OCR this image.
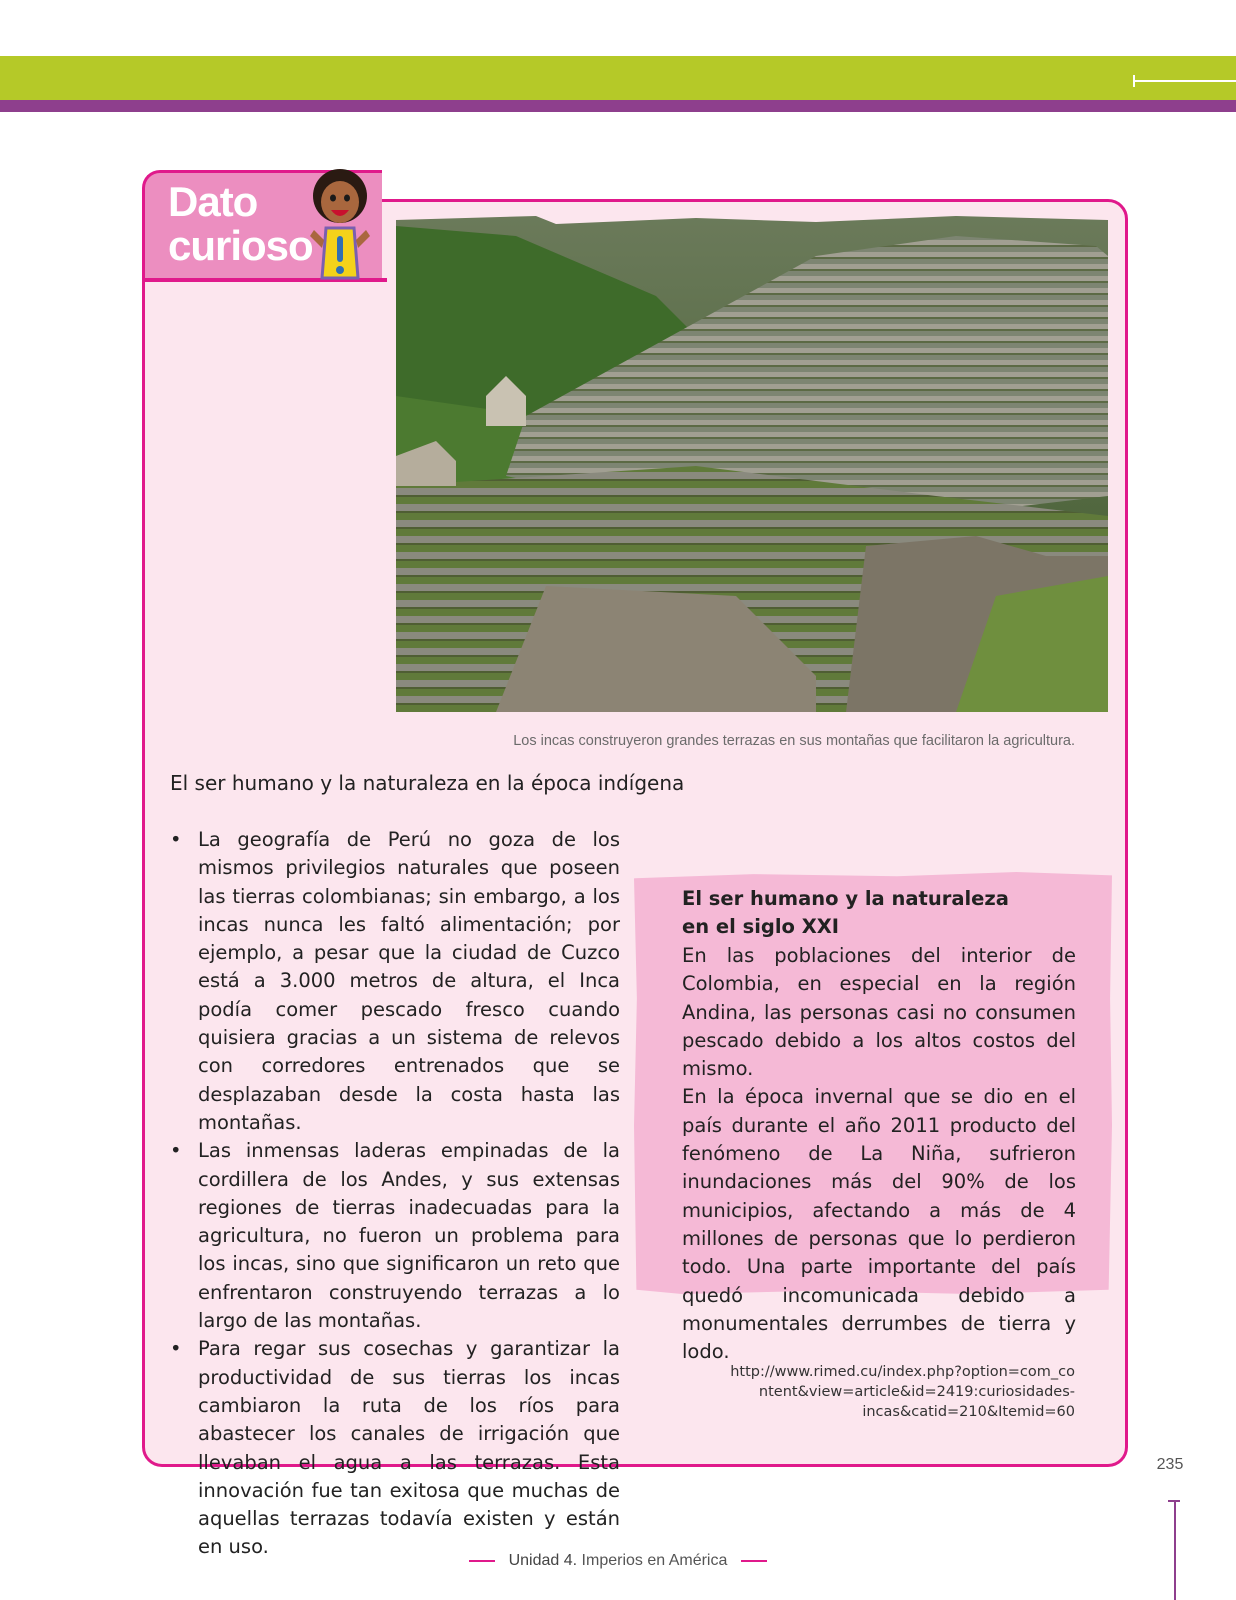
Dato
curioso
Los incas construyeron grandes terrazas en sus montañas que facilitaron la agricultura.
El ser humano y la naturaleza en la época indígena
• La geografía de Perú no goza de los mismos privilegios naturales que poseen las tierras colombianas; sin embargo, a los incas nunca les faltó alimentación; por ejemplo, a pesar que la ciudad de Cuzco está a 3.000 metros de altura, el Inca podía comer pescado fresco cuando quisiera gracias a un sistema de relevos con corredores entrenados que se desplazaban desde la costa hasta las montañas.
• Las inmensas laderas empinadas de la cordillera de los Andes, y sus extensas regiones de tierras inadecuadas para la agricultura, no fueron un problema para los incas, sino que significaron un reto que enfrentaron construyendo terrazas a lo largo de las montañas.
• Para regar sus cosechas y garantizar la productividad de sus tierras los incas cambiaron la ruta de los ríos para abastecer los canales de irrigación que llevaban el agua a las terrazas. Esta innovación fue tan exitosa que muchas de aquellas terrazas todavía existen y están en uso.
El ser humano y la naturaleza
en el siglo XXI

En las poblaciones del interior de Colombia, en especial en la región Andina, las personas casi no consumen pescado debido a los altos costos del mismo.

En la época invernal que se dio en el país durante el año 2011 producto del fenómeno de La Niña, sufrieron inundaciones más del 90% de los municipios, afectando a más de 4 millones de personas que lo perdieron todo. Una parte importante del país quedó incomunicada debido a monumentales derrumbes de tierra y lodo.

http://www.rimed.cu/index.php?option=com_co
ntent&view=article&id=2419:curiosidades-
incas&catid=210&Itemid=60
235
Unidad 4. Imperios en América
